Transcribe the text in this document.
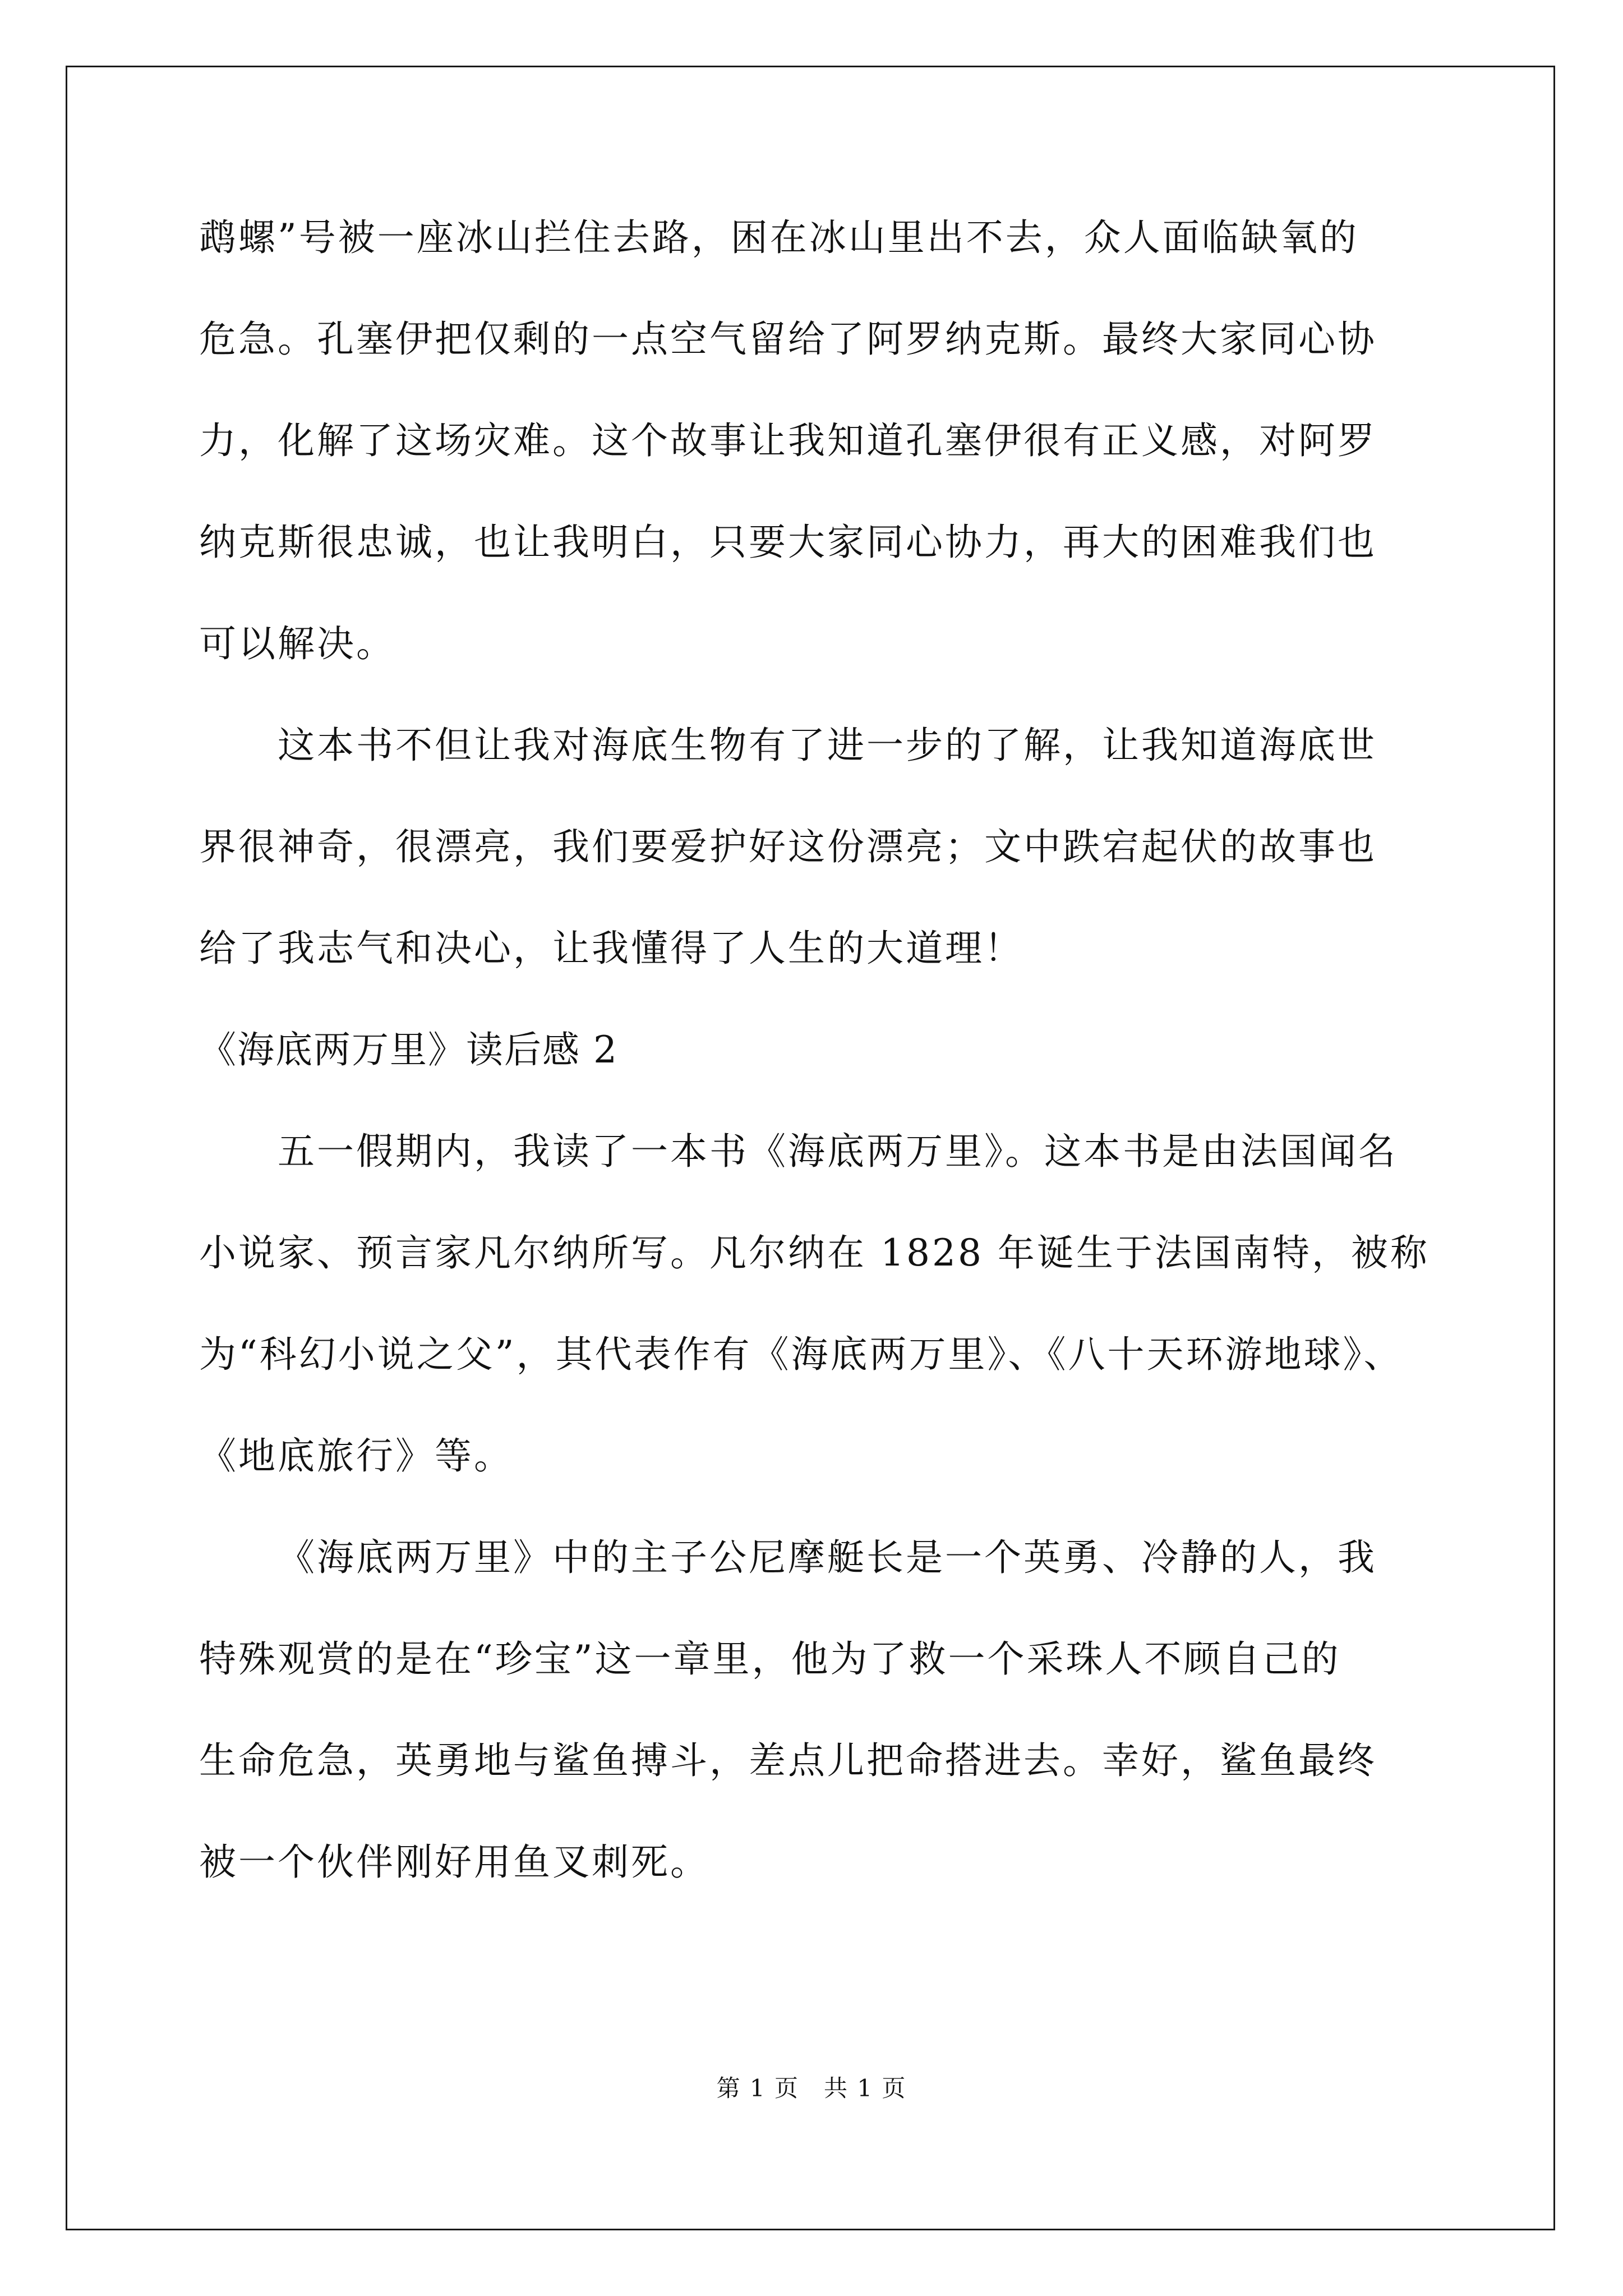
鹉螺”号被一座冰山拦住去路，困在冰山里出不去，众人面临缺氧的
危急。孔塞伊把仅剩的一点空气留给了阿罗纳克斯。最终大家同心协
力，化解了这场灾难。这个故事让我知道孔塞伊很有正义感，对阿罗
纳克斯很忠诚，也让我明白，只要大家同心协力，再大的困难我们也
可以解决。
这本书不但让我对海底生物有了进一步的了解，让我知道海底世
界很神奇，很漂亮，我们要爱护好这份漂亮；文中跌宕起伏的故事也
给了我志气和决心，让我懂得了人生的大道理！
《海底两万里》读后感 2
五一假期内，我读了一本书《海底两万里》。这本书是由法国闻名
小说家、预言家凡尔纳所写。凡尔纳在 1828 年诞生于法国南特，被称
为“科幻小说之父”，其代表作有《海底两万里》、《八十天环游地球》、
《地底旅行》等。
《海底两万里》中的主子公尼摩艇长是一个英勇、冷静的人，我
特殊观赏的是在“珍宝”这一章里，他为了救一个采珠人不顾自己的
生命危急，英勇地与鲨鱼搏斗，差点儿把命搭进去。幸好，鲨鱼最终
被一个伙伴刚好用鱼叉刺死。
第 1 页 共 1 页
